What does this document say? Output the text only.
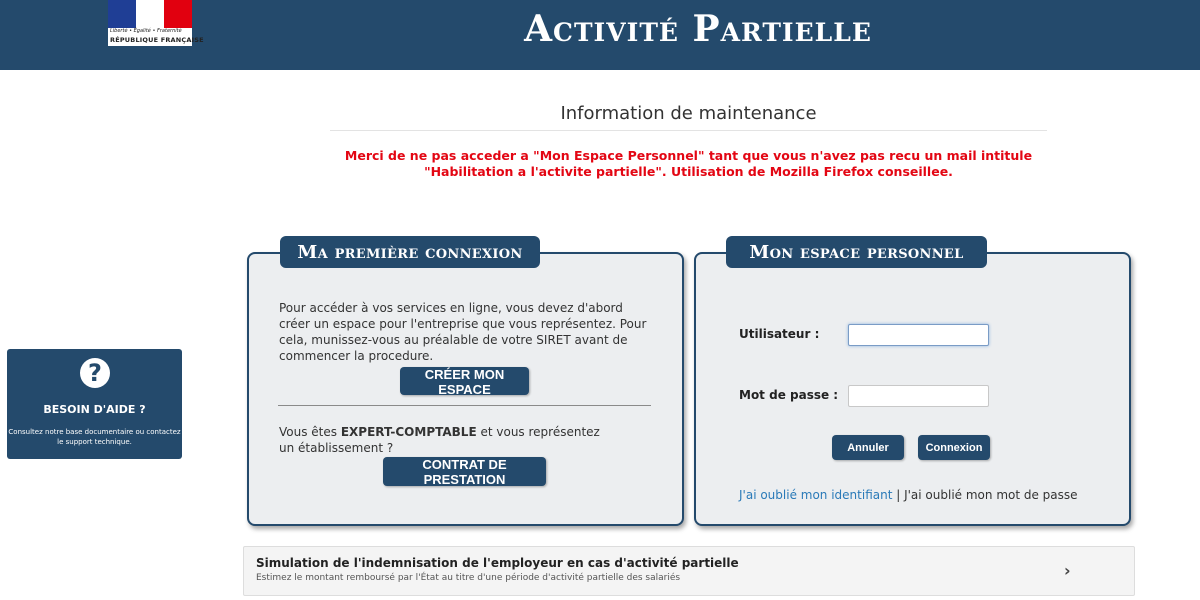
Liberté • Égalité • Fraternité
RÉPUBLIQUE FRANÇAISE	Activité Partielle
Information de maintenance
Merci de ne pas acceder a "Mon Espace Personnel" tant que vous n'avez pas recu un mail intitule "Habilitation a l'activite partielle". Utilisation de Mozilla Firefox conseillee.
Ma première connexion
Pour accéder à vos services en ligne, vous devez d'abord créer un espace pour l'entreprise que vous représentez. Pour cela, munissez-vous au préalable de votre SIRET avant de commencer la procedure.
CRÉER MON ESPACE
Vous êtes EXPERT-COMPTABLE et vous représentez un établissement ?
CONTRAT DE PRESTATION
Mon espace personnel
Utilisateur :
Mot de passe :
Annuler	Connexion
J'ai oublié mon identifiant | J'ai oublié mon mot de passe
?
BESOIN D'AIDE ?
Consultez notre base documentaire ou contactez le support technique.
Simulation de l'indemnisation de l'employeur en cas d'activité partielle
Estimez le montant remboursé par l'État au titre d'une période d'activité partielle des salariés	›
